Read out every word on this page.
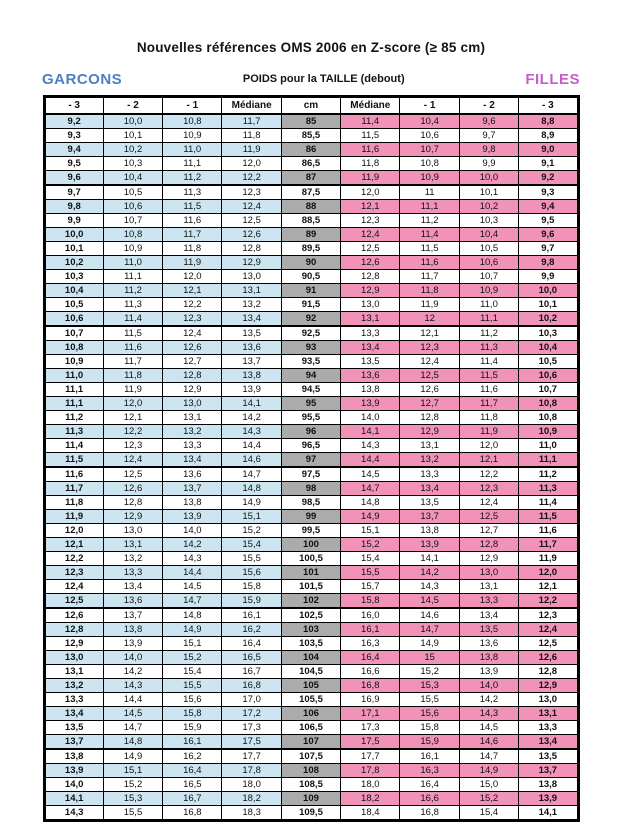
Nouvelles références OMS 2006 en Z-score (≥ 85 cm)
GARCONS	POIDS pour la TAILLE (debout)	FILLES
- 3	- 2	- 1	Médiane	cm	Médiane	- 1	- 2	- 3
9,2	10,0	10,8	11,7	85	11,4	10,4	9,6	8,8
9,3	10,1	10,9	11,8	85,5	11,5	10,6	9,7	8,9
9,4	10,2	11,0	11,9	86	11,6	10,7	9,8	9,0
9,5	10,3	11,1	12,0	86,5	11,8	10,8	9,9	9,1
9,6	10,4	11,2	12,2	87	11,9	10,9	10,0	9,2
9,7	10,5	11,3	12,3	87,5	12,0	11	10,1	9,3
9,8	10,6	11,5	12,4	88	12,1	11,1	10,2	9,4
9,9	10,7	11,6	12,5	88,5	12,3	11,2	10,3	9,5
10,0	10,8	11,7	12,6	89	12,4	11,4	10,4	9,6
10,1	10,9	11,8	12,8	89,5	12,5	11,5	10,5	9,7
10,2	11,0	11,9	12,9	90	12,6	11,6	10,6	9,8
10,3	11,1	12,0	13,0	90,5	12,8	11,7	10,7	9,9
10,4	11,2	12,1	13,1	91	12,9	11,8	10,9	10,0
10,5	11,3	12,2	13,2	91,5	13,0	11,9	11,0	10,1
10,6	11,4	12,3	13,4	92	13,1	12	11,1	10,2
10,7	11,5	12,4	13,5	92,5	13,3	12,1	11,2	10,3
10,8	11,6	12,6	13,6	93	13,4	12,3	11,3	10,4
10,9	11,7	12,7	13,7	93,5	13,5	12,4	11,4	10,5
11,0	11,8	12,8	13,8	94	13,6	12,5	11,5	10,6
11,1	11,9	12,9	13,9	94,5	13,8	12,6	11,6	10,7
11,1	12,0	13,0	14,1	95	13,9	12,7	11,7	10,8
11,2	12,1	13,1	14,2	95,5	14,0	12,8	11,8	10,8
11,3	12,2	13,2	14,3	96	14,1	12,9	11,9	10,9
11,4	12,3	13,3	14,4	96,5	14,3	13,1	12,0	11,0
11,5	12,4	13,4	14,6	97	14,4	13,2	12,1	11,1
11,6	12,5	13,6	14,7	97,5	14,5	13,3	12,2	11,2
11,7	12,6	13,7	14,8	98	14,7	13,4	12,3	11,3
11,8	12,8	13,8	14,9	98,5	14,8	13,5	12,4	11,4
11,9	12,9	13,9	15,1	99	14,9	13,7	12,5	11,5
12,0	13,0	14,0	15,2	99,5	15,1	13,8	12,7	11,6
12,1	13,1	14,2	15,4	100	15,2	13,9	12,8	11,7
12,2	13,2	14,3	15,5	100,5	15,4	14,1	12,9	11,9
12,3	13,3	14,4	15,6	101	15,5	14,2	13,0	12,0
12,4	13,4	14,5	15,8	101,5	15,7	14,3	13,1	12,1
12,5	13,6	14,7	15,9	102	15,8	14,5	13,3	12,2
12,6	13,7	14,8	16,1	102,5	16,0	14,6	13,4	12,3
12,8	13,8	14,9	16,2	103	16,1	14,7	13,5	12,4
12,9	13,9	15,1	16,4	103,5	16,3	14,9	13,6	12,5
13,0	14,0	15,2	16,5	104	16,4	15	13,8	12,6
13,1	14,2	15,4	16,7	104,5	16,6	15,2	13,9	12,8
13,2	14,3	15,5	16,8	105	16,8	15,3	14,0	12,9
13,3	14,4	15,6	17,0	105,5	16,9	15,5	14,2	13,0
13,4	14,5	15,8	17,2	106	17,1	15,6	14,3	13,1
13,5	14,7	15,9	17,3	106,5	17,3	15,8	14,5	13,3
13,7	14,8	16,1	17,5	107	17,5	15,9	14,6	13,4
13,8	14,9	16,2	17,7	107,5	17,7	16,1	14,7	13,5
13,9	15,1	16,4	17,8	108	17,8	16,3	14,9	13,7
14,0	15,2	16,5	18,0	108,5	18,0	16,4	15,0	13,8
14,1	15,3	16,7	18,2	109	18,2	16,6	15,2	13,9
14,3	15,5	16,8	18,3	109,5	18,4	16,8	15,4	14,1
